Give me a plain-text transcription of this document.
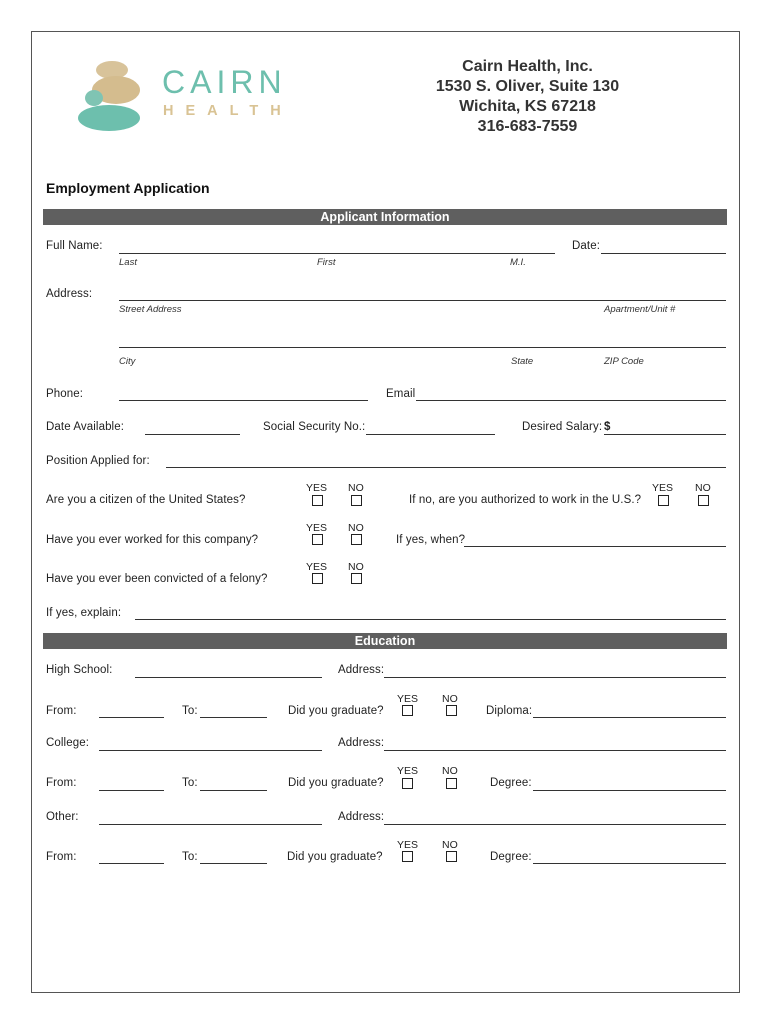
CAIRN
HEALTH
Cairn Health, Inc.
1530 S. Oliver, Suite 130
Wichita, KS 67218
316-683-7559
Employment Application
Applicant Information
Full Name:
Last	First	M.I.
Date:
Address:
Street Address	Apartment/Unit #
City	State	ZIP Code
Phone:	Email
Date Available:	Social Security No.:	Desired Salary: $
Position Applied for:
Are you a citizen of the United States?
YES NO
If no, are you authorized to work in the U.S.?
YES NO
Have you ever worked for this company?
YES NO
If yes, when?
Have you ever been convicted of a felony?
YES NO
If yes, explain:
Education
High School:	Address:
From:	To:	Did you graduate?
YES NO
Diploma:
College:	Address:
From:	To:	Did you graduate?
YES NO
Degree:
Other:	Address:
From:	To:	Did you graduate?
YES NO
Degree:
